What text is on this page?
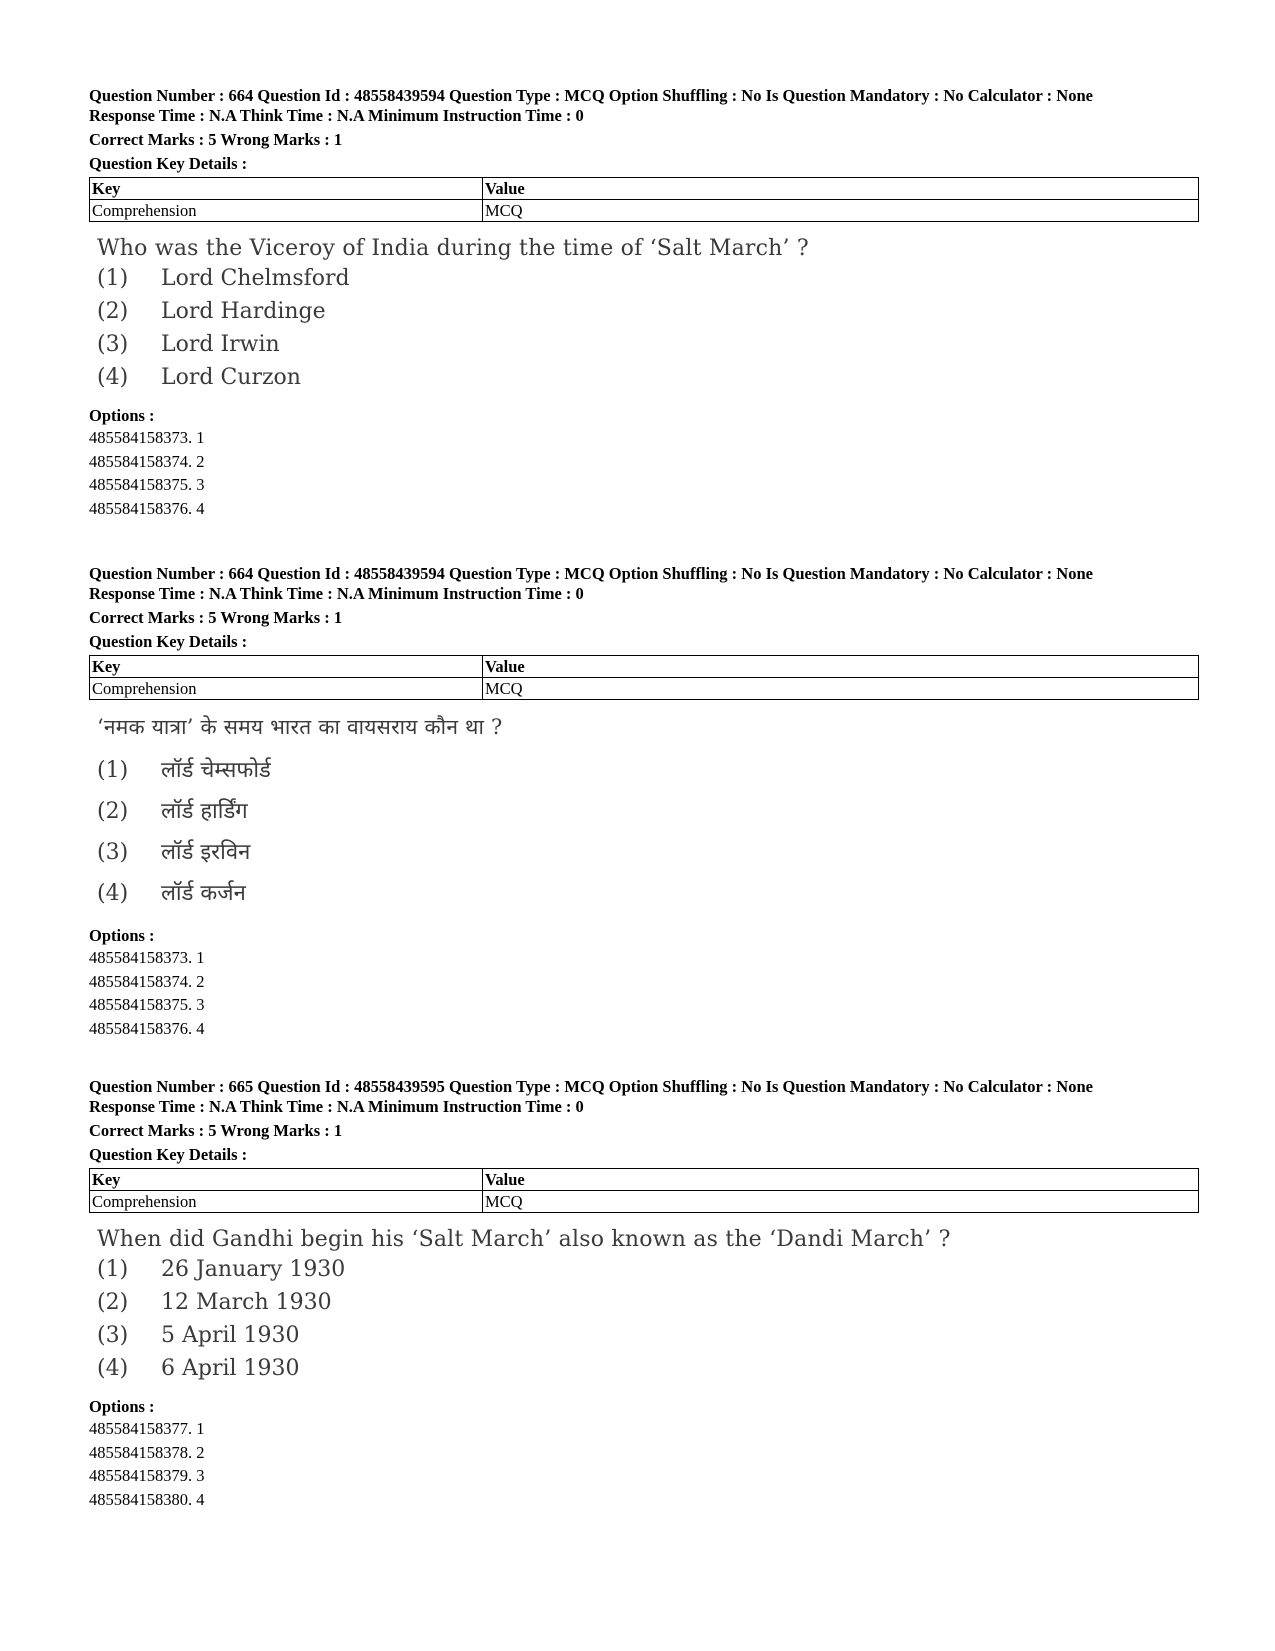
Question Number : 664 Question Id : 48558439594 Question Type : MCQ Option Shuffling : No Is Question Mandatory : No Calculator : None
Response Time : N.A Think Time : N.A Minimum Instruction Time : 0
Correct Marks : 5 Wrong Marks : 1
Question Key Details :
Key	Value
Comprehension	MCQ
Who was the Viceroy of India during the time of ‘Salt March’ ?
(1) Lord Chelmsford
(2) Lord Hardinge
(3) Lord Irwin
(4) Lord Curzon
Options :
485584158373. 1
485584158374. 2
485584158375. 3
485584158376. 4
Question Number : 664 Question Id : 48558439594 Question Type : MCQ Option Shuffling : No Is Question Mandatory : No Calculator : None
Response Time : N.A Think Time : N.A Minimum Instruction Time : 0
Correct Marks : 5 Wrong Marks : 1
Question Key Details :
Key	Value
Comprehension	MCQ
‘नमक यात्रा’ के समय भारत का वायसराय कौन था ?
(1) लॉर्ड चेम्सफोर्ड
(2) लॉर्ड हार्डिंग
(3) लॉर्ड इरविन
(4) लॉर्ड कर्जन
Options :
485584158373. 1
485584158374. 2
485584158375. 3
485584158376. 4
Question Number : 665 Question Id : 48558439595 Question Type : MCQ Option Shuffling : No Is Question Mandatory : No Calculator : None
Response Time : N.A Think Time : N.A Minimum Instruction Time : 0
Correct Marks : 5 Wrong Marks : 1
Question Key Details :
Key	Value
Comprehension	MCQ
When did Gandhi begin his ‘Salt March’ also known as the ‘Dandi March’ ?
(1) 26 January 1930
(2) 12 March 1930
(3) 5 April 1930
(4) 6 April 1930
Options :
485584158377. 1
485584158378. 2
485584158379. 3
485584158380. 4
